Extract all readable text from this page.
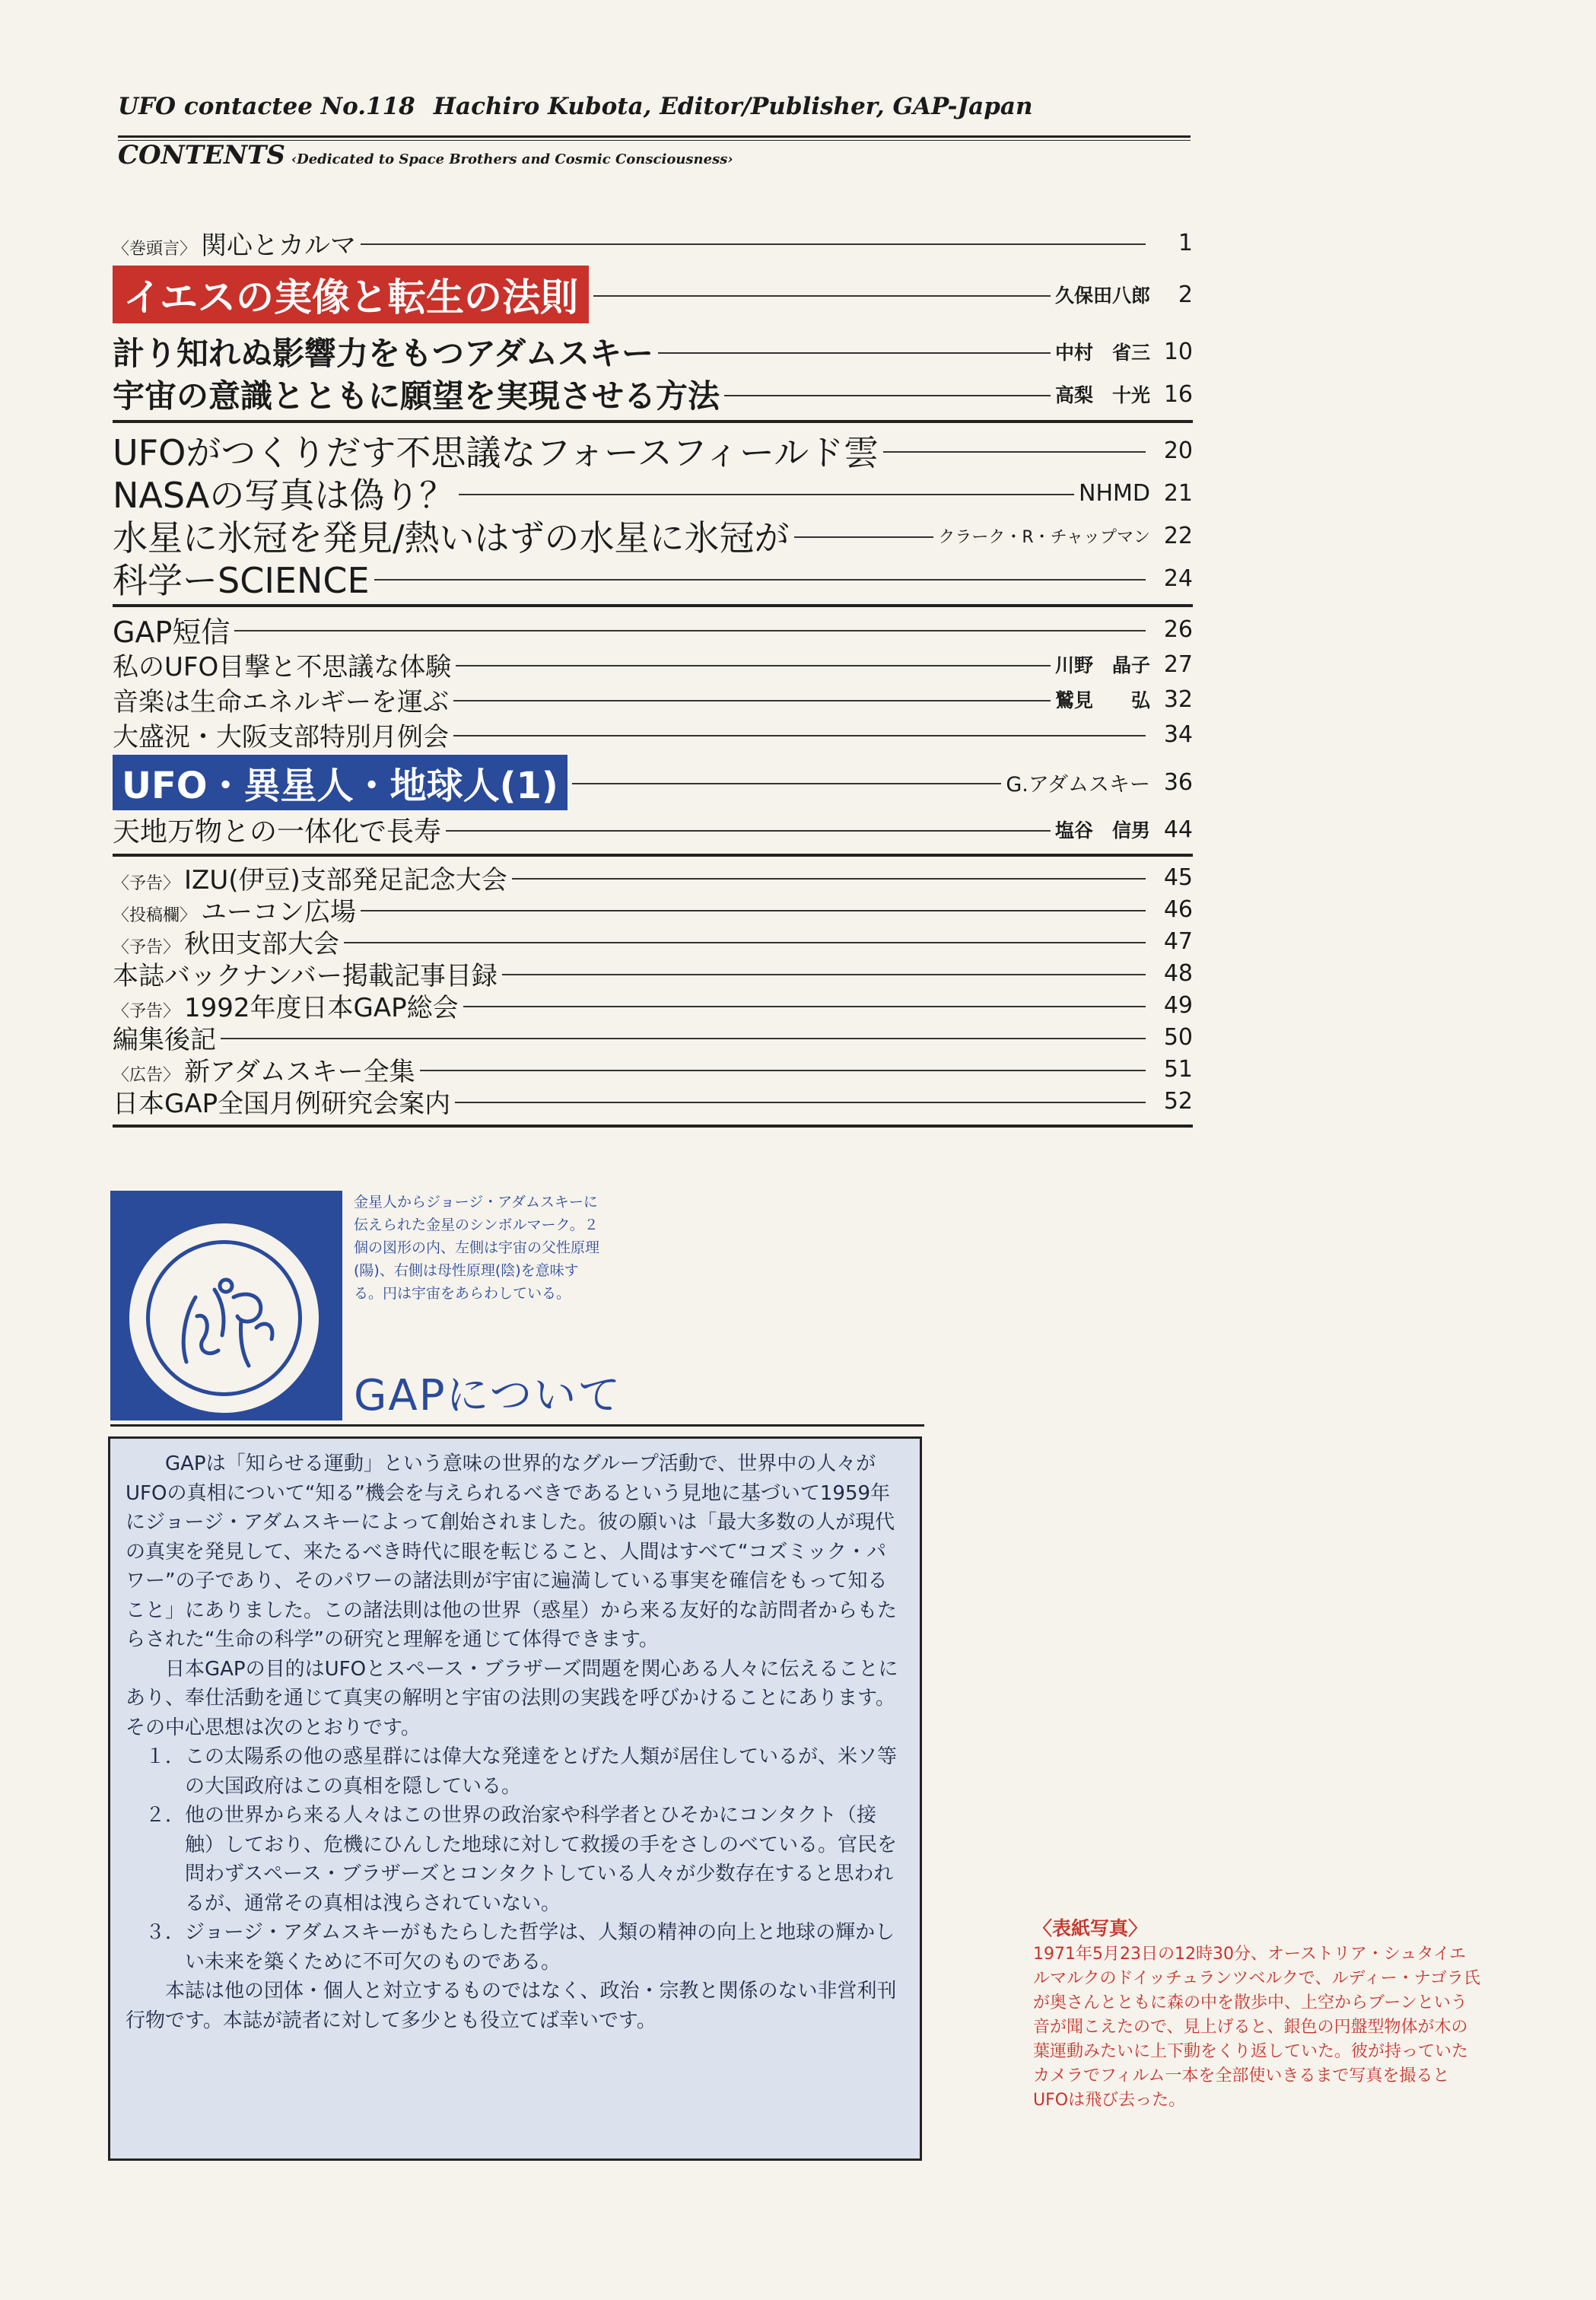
UFO contactee No.118 Hachiro Kubota, Editor/Publisher, GAP-Japan
CONTENTS ‹Dedicated to Space Brothers and Cosmic Consciousness›
〈巻頭言〉 関心とカルマ	1
イエスの実像と転生の法則	久保田八郎	2
計り知れぬ影響力をもつアダムスキー	中村　省三 10
宇宙の意識とともに願望を実現させる方法	高梨　十光 16
UFOがつくりだす不思議なフォースフィールド雲	20
NASAの写真は偽り？	NHMD 21
水星に氷冠を発見/熱いはずの水星に氷冠が	クラーク・R・チャップマン 22
科学ーSCIENCE	24
GAP短信	26
私のUFO目撃と不思議な体験	川野　晶子 27
音楽は生命エネルギーを運ぶ	鷲見　　弘 32
大盛況・大阪支部特別月例会	34
UFO・異星人・地球人(1)	G.アダムスキー 36
天地万物との一体化で長寿	塩谷　信男 44
〈予告〉 IZU(伊豆)支部発足記念大会	45
〈投稿欄〉 ユーコン広場	46
〈予告〉 秋田支部大会	47
本誌バックナンバー掲載記事目録	48
〈予告〉 1992年度日本GAP総会	49
編集後記	50
〈広告〉 新アダムスキー全集	51
日本GAP全国月例研究会案内	52
金星人からジョージ・アダムスキーに伝えられた金星のシンボルマーク。２個の図形の内、左側は宇宙の父性原理(陽)、右側は母性原理(陰)を意味する。円は宇宙をあらわしている。
GAPについて

GAPは「知らせる運動」という意味の世界的なグループ活動で、世界中の人々がUFOの真相について“知る”機会を与えられるべきであるという見地に基づいて1959年にジョージ・アダムスキーによって創始されました。彼の願いは「最大多数の人が現代の真実を発見して、来たるべき時代に眼を転じること、人間はすべて“コズミック・パワー”の子であり、そのパワーの諸法則が宇宙に遍満している事実を確信をもって知ること」にありました。この諸法則は他の世界（惑星）から来る友好的な訪問者からもたらされた“生命の科学”の研究と理解を通じて体得できます。

日本GAPの目的はUFOとスペース・ブラザーズ問題を関心ある人々に伝えることにあり、奉仕活動を通じて真実の解明と宇宙の法則の実践を呼びかけることにあります。その中心思想は次のとおりです。

１．この太陽系の他の惑星群には偉大な発達をとげた人類が居住しているが、米ソ等の大国政府はこの真相を隠している。

２．他の世界から来る人々はこの世界の政治家や科学者とひそかにコンタクト（接触）しており、危機にひんした地球に対して救援の手をさしのべている。官民を問わずスペース・ブラザーズとコンタクトしている人々が少数存在すると思われるが、通常その真相は洩らされていない。

３．ジョージ・アダムスキーがもたらした哲学は、人類の精神の向上と地球の輝かしい未来を築くために不可欠のものである。

本誌は他の団体・個人と対立するものではなく、政治・宗教と関係のない非営利刊行物です。本誌が読者に対して多少とも役立てば幸いです。

〈表紙写真〉
1971年5月23日の12時30分、オーストリア・シュタイエルマルクのドイッチュランツベルクで、ルディー・ナゴラ氏が奥さんとともに森の中を散歩中、上空からブーンという音が聞こえたので、見上げると、銀色の円盤型物体が木の葉運動みたいに上下動をくり返していた。彼が持っていたカメラでフィルム一本を全部使いきるまで写真を撮るとUFOは飛び去った。
